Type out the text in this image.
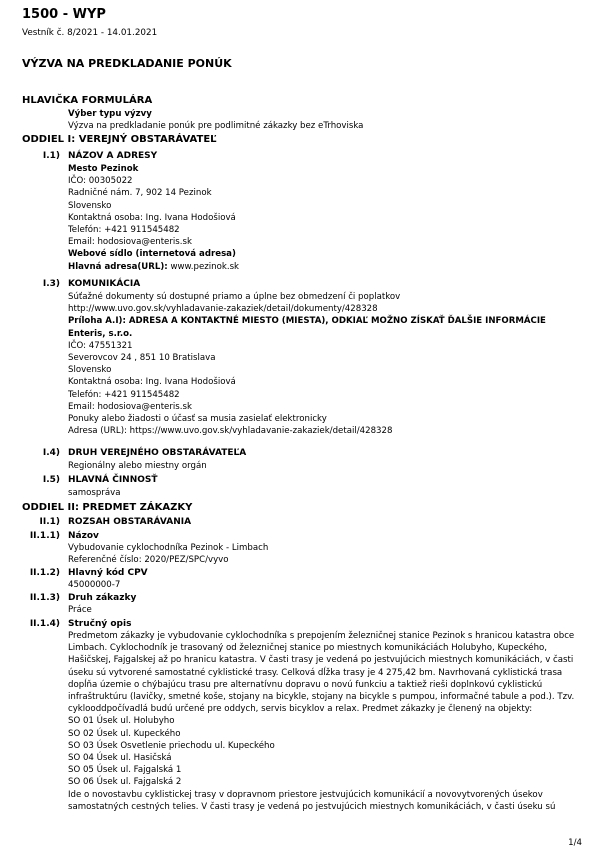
1500 - WYP
Vestník č. 8/2021 - 14.01.2021
VÝZVA NA PREDKLADANIE PONÚK
HLAVIČKA FORMULÁRA
Výber typu výzvy
Výzva na predkladanie ponúk pre podlimitné zákazky bez eTrhoviska
ODDIEL I: VEREJNÝ OBSTARÁVATEĽ
I.1) NÁZOV A ADRESY
Mesto Pezinok
IČO: 00305022
Radničné nám. 7, 902 14 Pezinok
Slovensko
Kontaktná osoba: Ing. Ivana Hodošiová
Telefón: +421 911545482
Email: hodosiova@enteris.sk
Webové sídlo (internetová adresa)
Hlavná adresa(URL): www.pezinok.sk
I.3) KOMUNIKÁCIA
Súťažné dokumenty sú dostupné priamo a úplne bez obmedzení či poplatkov
http://www.uvo.gov.sk/vyhladavanie-zakaziek/detail/dokumenty/428328
Príloha A.I): ADRESA A KONTAKTNÉ MIESTO (MIESTA), ODKIAĽ MOŽNO ZÍSKAŤ ĎALŠIE INFORMÁCIE
Enteris, s.r.o.
IČO: 47551321
Severovcov 24 , 851 10 Bratislava
Slovensko
Kontaktná osoba: Ing. Ivana Hodošiová
Telefón: +421 911545482
Email: hodosiova@enteris.sk
Ponuky alebo žiadosti o účasť sa musia zasielať elektronicky
Adresa (URL): https://www.uvo.gov.sk/vyhladavanie-zakaziek/detail/428328
I.4) DRUH VEREJNÉHO OBSTARÁVATEĽA
Regionálny alebo miestny orgán
I.5) HLAVNÁ ČINNOSŤ
samospráva
ODDIEL II: PREDMET ZÁKAZKY
II.1) ROZSAH OBSTARÁVANIA
II.1.1) Názov
Vybudovanie cyklochodníka Pezinok - Limbach
Referenčné číslo: 2020/PEZ/SPC/vyvo
II.1.2) Hlavný kód CPV
45000000-7
II.1.3) Druh zákazky
Práce
II.1.4) Stručný opis
Predmetom zákazky je vybudovanie cyklochodníka s prepojením železničnej stanice Pezinok s hranicou katastra obce Limbach. Cyklochodník je trasovaný od železničnej stanice po miestnych komunikáciách Holubyho, Kupeckého, Hašičskej, Fajgalskej až po hranicu katastra. V časti trasy je vedená po jestvujúcich miestnych komunikáciách, v časti úseku sú vytvorené samostatné cyklistické trasy. Celková dĺžka trasy je 4 275,42 bm. Navrhovaná cyklistická trasa dopĺňa územie o chýbajúcu trasu pre alternatívnu dopravu o novú funkciu a taktiež rieši doplnkovú cyklistickú infraštruktúru (lavičky, smetné koše, stojany na bicykle, stojany na bicykle s pumpou, informačné tabule a pod.). Tzv. cyklooddpočívadlá budú určené pre oddych, servis bicyklov a relax. Predmet zákazky je členený na objekty:
SO 01 Úsek ul. Holubyho
SO 02 Úsek ul. Kupeckého
SO 03 Úsek Osvetlenie priechodu ul. Kupeckého
SO 04 Úsek ul. Hasičská
SO 05 Úsek ul. Fajgalská 1
SO 06 Úsek ul. Fajgalská 2
Ide o novostavbu cyklistickej trasy v dopravnom priestore jestvujúcich komunikácií a novovytvorených úsekov samostatných cestných telies. V časti trasy je vedená po jestvujúcich miestnych komunikáciách, v časti úseku sú
1/4
